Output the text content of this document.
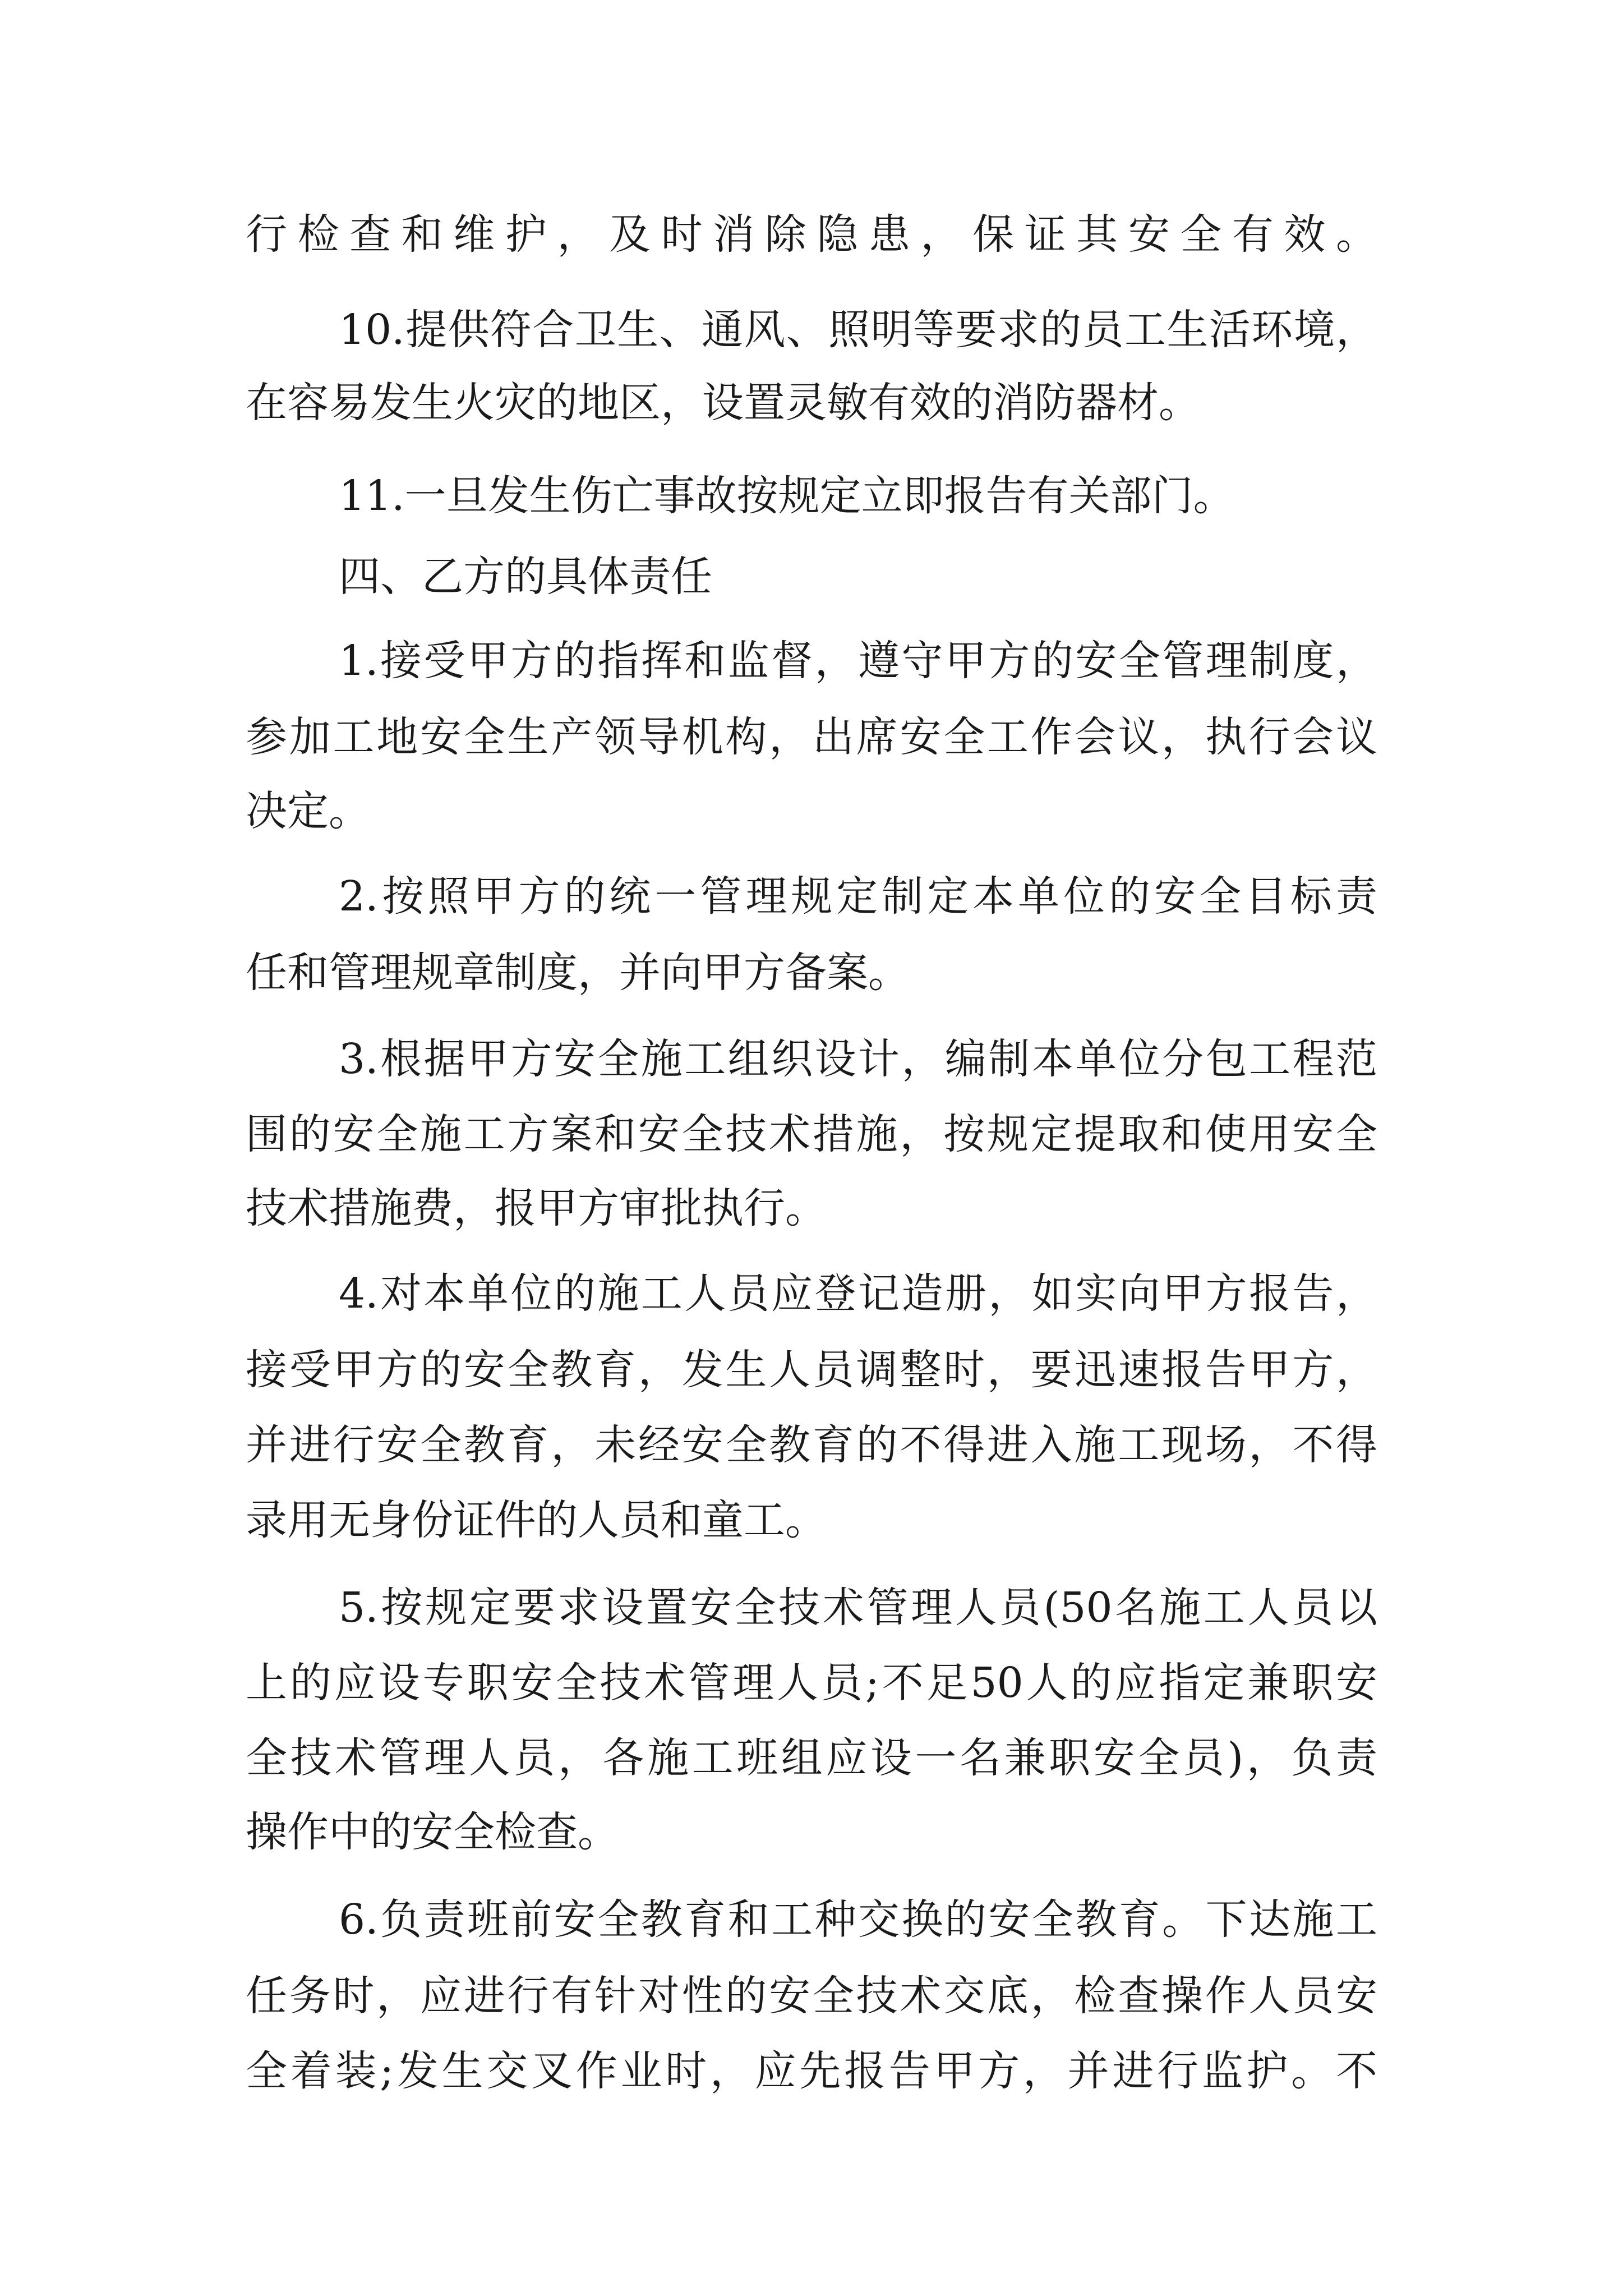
行检查和维护，及时消除隐患，保证其安全有效。
10.提供符合卫生、通风、照明等要求的员工生活环境，
在容易发生火灾的地区，设置灵敏有效的消防器材。
11.一旦发生伤亡事故按规定立即报告有关部门。
四、乙方的具体责任
1.接受甲方的指挥和监督，遵守甲方的安全管理制度，
参加工地安全生产领导机构，出席安全工作会议，执行会议
决定。
2.按照甲方的统一管理规定制定本单位的安全目标责
任和管理规章制度，并向甲方备案。
3.根据甲方安全施工组织设计，编制本单位分包工程范
围的安全施工方案和安全技术措施，按规定提取和使用安全
技术措施费，报甲方审批执行。
4.对本单位的施工人员应登记造册，如实向甲方报告，
接受甲方的安全教育，发生人员调整时，要迅速报告甲方，
并进行安全教育，未经安全教育的不得进入施工现场，不得
录用无身份证件的人员和童工。
5.按规定要求设置安全技术管理人员(50名施工人员以
上的应设专职安全技术管理人员;不足50人的应指定兼职安
全技术管理人员，各施工班组应设一名兼职安全员)，负责
操作中的安全检查。
6.负责班前安全教育和工种交换的安全教育。下达施工
任务时，应进行有针对性的安全技术交底，检查操作人员安
全着装;发生交叉作业时，应先报告甲方，并进行监护。不
